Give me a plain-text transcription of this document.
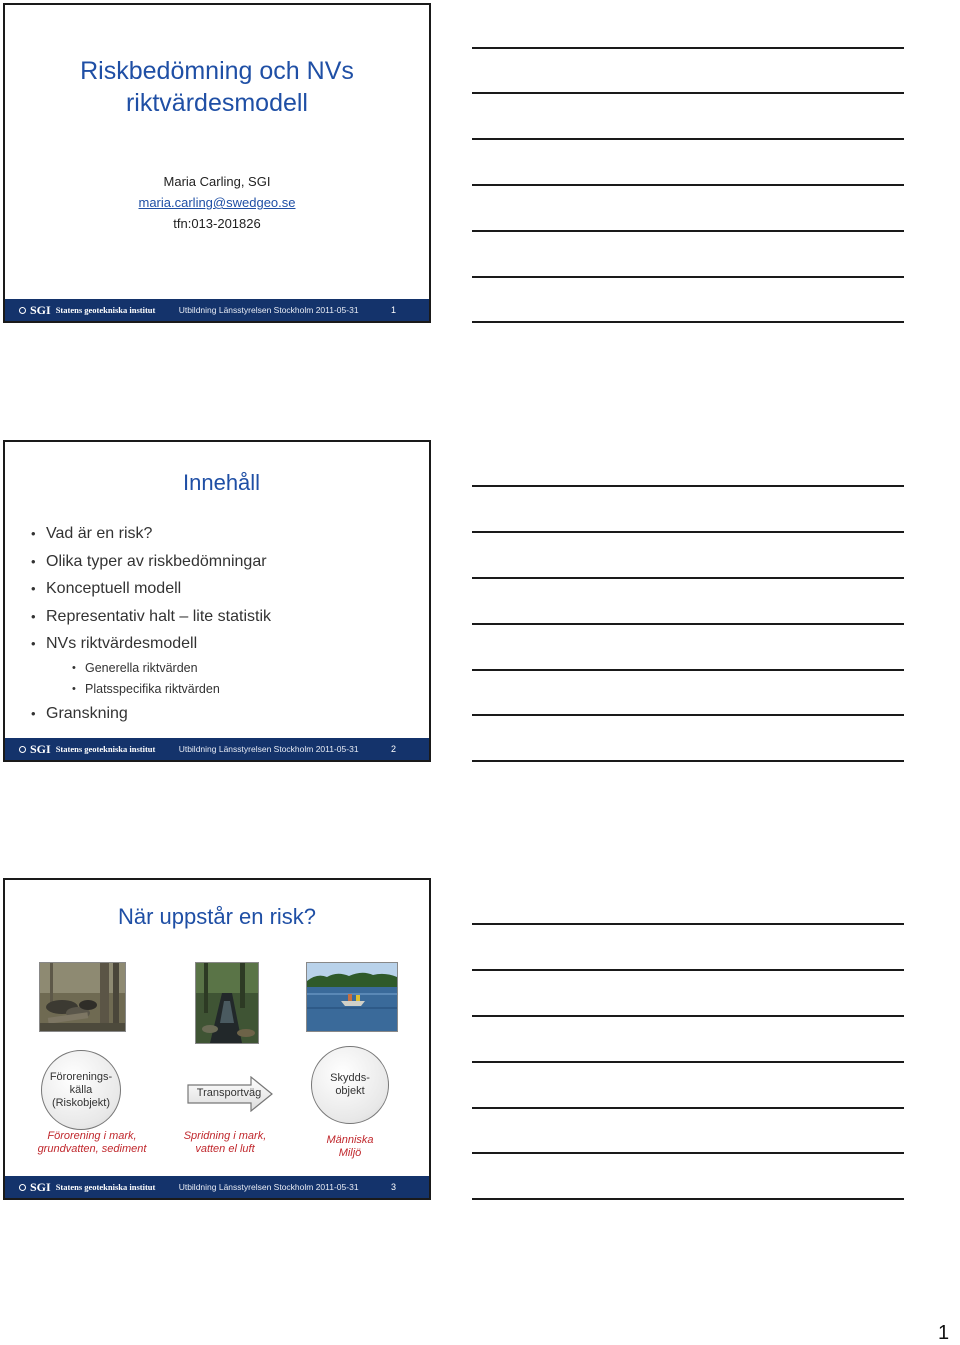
Riskbedömning och NVs
riktvärdesmodell
Maria Carling, SGI
maria.carling@swedgeo.se
tfn:013-201826
SGI Statens geotekniska institut	Utbildning Länsstyrelsen Stockholm 2011-05-31	1
Innehåll
• Vad är en risk?
• Olika typer av riskbedömningar
• Konceptuell modell
• Representativ halt – lite statistik
• NVs riktvärdesmodell
• Generella riktvärden
• Platsspecifika riktvärden
• Granskning
SGI Statens geotekniska institut	Utbildning Länsstyrelsen Stockholm 2011-05-31	2
När uppstår en risk?
Förorenings-
källa
(Riskobjekt)
Transportväg
Skydds-
objekt
Förorening i mark,
grundvatten, sediment
Spridning i mark,
vatten el luft
Människa
Miljö
SGI Statens geotekniska institut	Utbildning Länsstyrelsen Stockholm 2011-05-31	3
1
